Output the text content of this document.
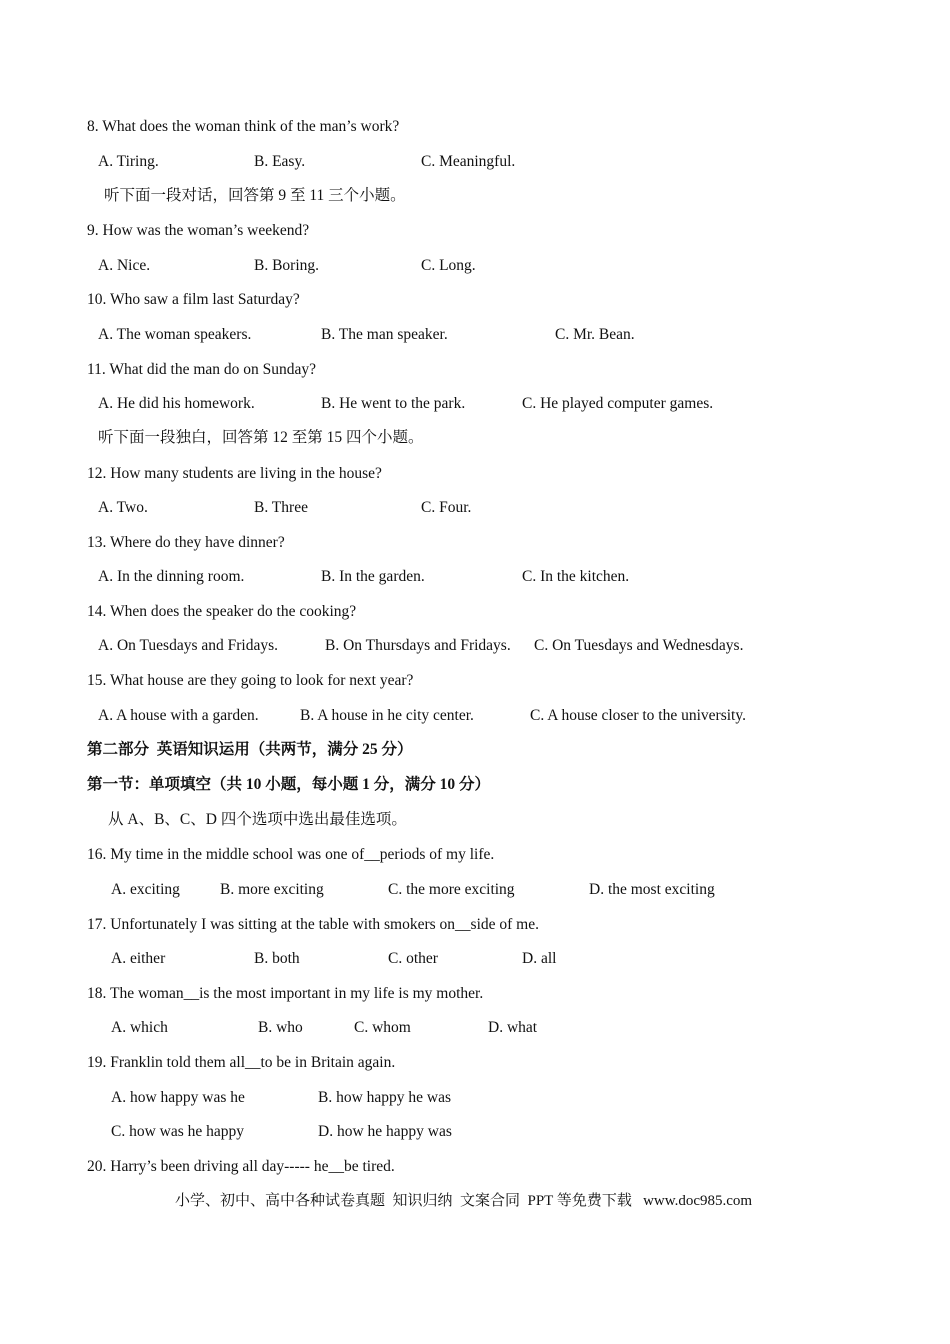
8. What does the woman think of the man’s work?
A. Tiring.	B. Easy.	C. Meaningful.
听下面一段对话，回答第 9 至 11 三个小题。
9. How was the woman’s weekend?
A. Nice.	B. Boring.	C. Long.
10. Who saw a film last Saturday?
A. The woman speakers.	B. The man speaker.	C. Mr. Bean.
11. What did the man do on Sunday?
A. He did his homework.	B. He went to the park.	C. He played computer games.
听下面一段独白，回答第 12 至第 15 四个小题。
12. How many students are living in the house?
A. Two.	B. Three	C. Four.
13. Where do they have dinner?
A. In the dinning room.	B. In the garden.	C. In the kitchen.
14. When does the speaker do the cooking?
A. On Tuesdays and Fridays.	B. On Thursdays and Fridays. C. On Tuesdays and Wednesdays.
15. What house are they going to look for next year?
A. A house with a garden.	B. A house in he city center.	C. A house closer to the university.
第二部分  英语知识运用（共两节，满分 25 分）
第一节：单项填空（共 10 小题，每小题 1 分，满分 10 分）
从 A、B、C、D 四个选项中选出最佳选项。
16. My time in the middle school was one of__periods of my life.
A. exciting	B. more exciting	C. the more exciting	D. the most exciting
17. Unfortunately I was sitting at the table with smokers on__side of me.
A. either	B. both	C. other	D. all
18. The woman__is the most important in my life is my mother.
A. which	B. who	C. whom	D. what
19. Franklin told them all__to be in Britain again.
A. how happy was he	B. how happy he was
C. how was he happy	D. how he happy was
20. Harry’s been driving all day----- he__be tired.
小学、初中、高中各种试卷真题  知识归纳  文案合同  PPT 等免费下载   www.doc985.com
